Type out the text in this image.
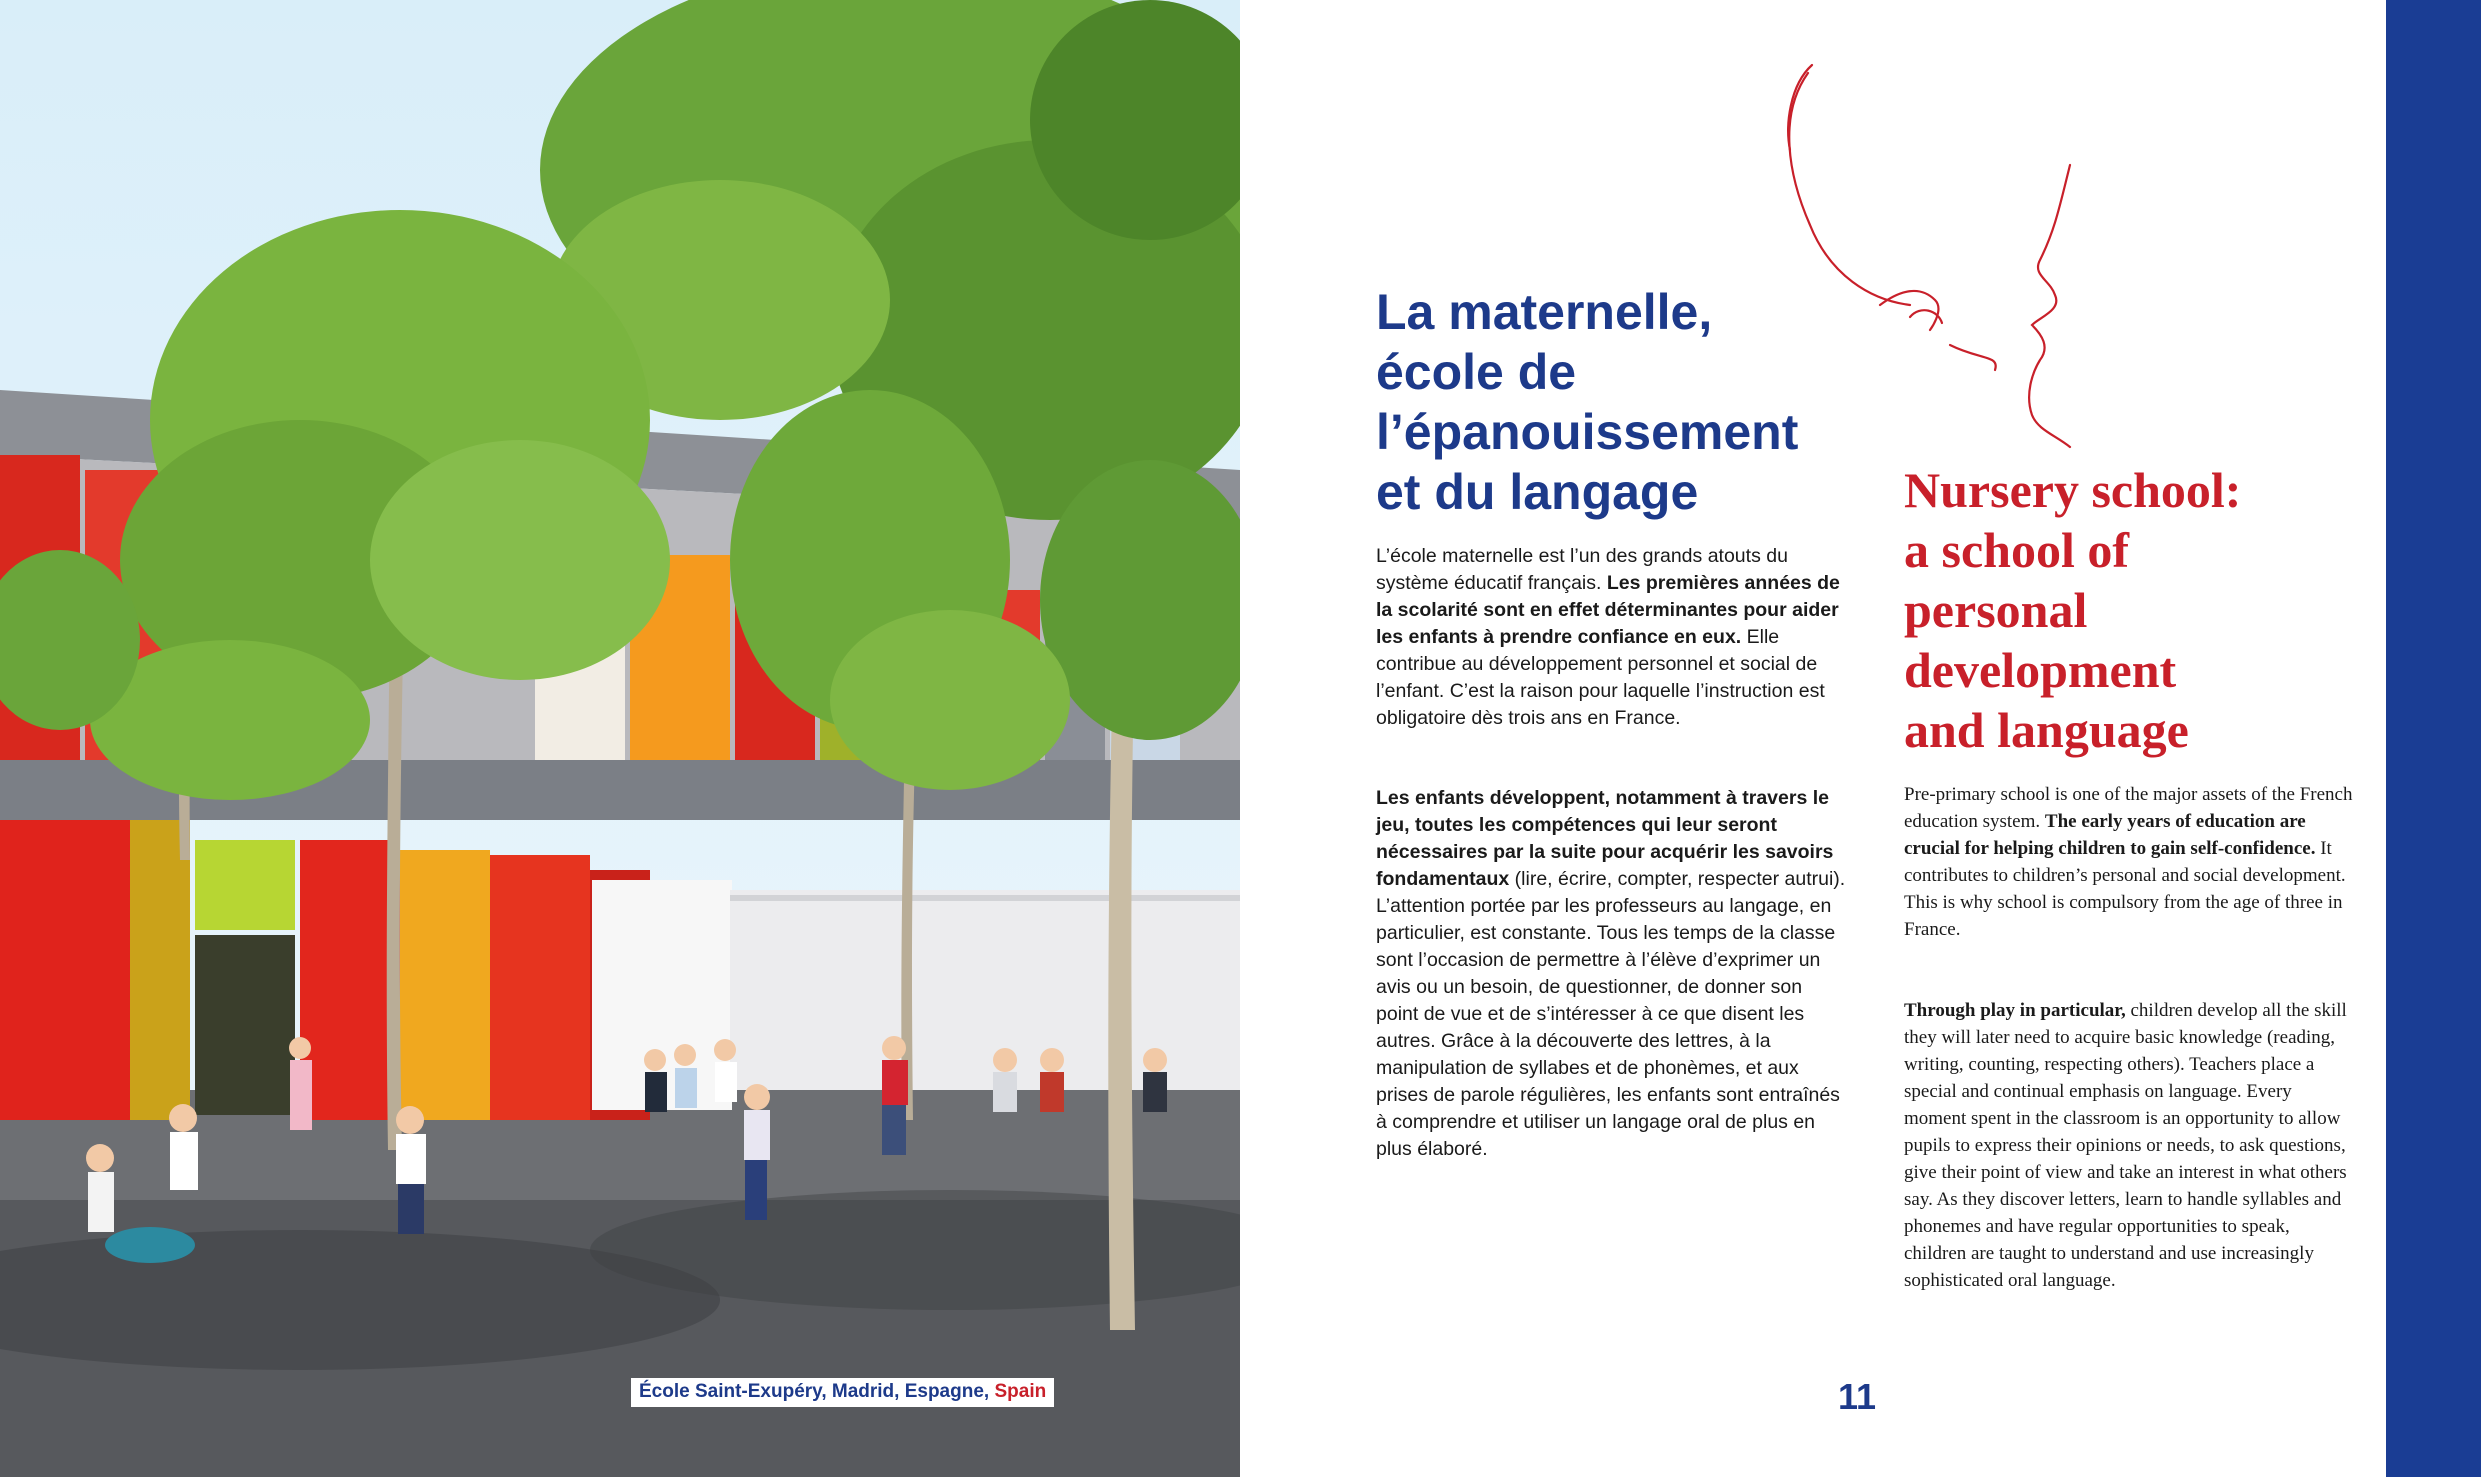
École Saint-Exupéry, Madrid, Espagne, Spain
La maternelle,
école de
l’épanouissement
et du langage

L’école maternelle est l’un des grands atouts du système éducatif français. Les premières années de la scolarité sont en effet déterminantes pour aider les enfants à prendre confiance en eux. Elle contribue au développement personnel et social de l’enfant. C’est la raison pour laquelle l’instruction est obligatoire dès trois ans en France.

Les enfants développent, notamment à travers le jeu, toutes les compétences qui leur seront nécessaires par la suite pour acquérir les savoirs fondamentaux (lire, écrire, compter, respecter autrui). L’attention portée par les professeurs au langage, en particulier, est constante. Tous les temps de la classe sont l’occasion de permettre à l’élève d’exprimer un avis ou un besoin, de questionner, de donner son point de vue et de s’intéresser à ce que disent les autres. Grâce à la découverte des lettres, à la manipulation de syllabes et de phonèmes, et aux prises de parole régulières, les enfants sont entraînés à comprendre et utiliser un langage oral de plus en plus élaboré.

Nursery school:
a school of
personal
development
and language

Pre-primary school is one of the major assets of the French education system. The early years of education are crucial for helping children to gain self-confidence. It contributes to children’s personal and social development. This is why school is compulsory from the age of three in France.

Through play in particular, children develop all the skill they will later need to acquire basic knowledge (reading, writing, counting, respecting others). Teachers place a special and continual emphasis on language. Every moment spent in the classroom is an opportunity to allow pupils to express their opinions or needs, to ask questions, give their point of view and take an interest in what others say. As they discover letters, learn to handle syllables and phonemes and have regular opportunities to speak, children are taught to understand and use increasingly sophisticated oral language.

11
